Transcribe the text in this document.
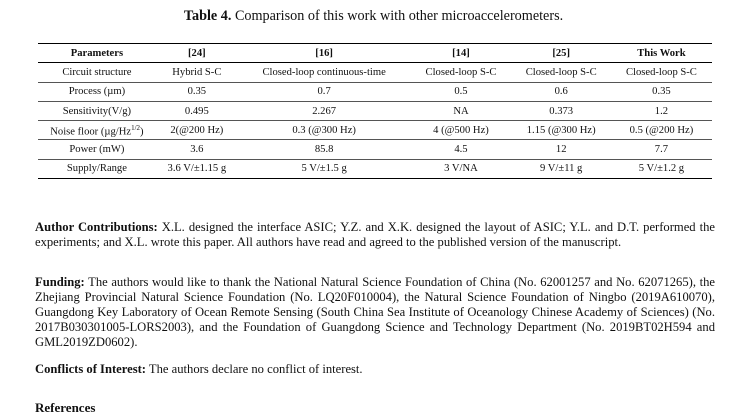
Table 4. Comparison of this work with other microaccelerometers.
Parameters	[24]	[16]	[14]	[25]	This Work
Circuit structure	Hybrid S-C	Closed-loop continuous-time	Closed-loop S-C	Closed-loop S-C	Closed-loop S-C
Process (µm)	0.35	0.7	0.5	0.6	0.35
Sensitivity(V/g)	0.495	2.267	NA	0.373	1.2
Noise floor $(\mu g/Hz^{1/2})$	2(@200 Hz)	0.3 (@300 Hz)	4 (@500 Hz)	1.15 (@300 Hz)	0.5 (@200 Hz)
Power (mW)	3.6	85.8	4.5	12	7.7
Supply/Range	3.6 V/±1.15 g	5 V/±1.5 g	3 V/NA	9 V/±11 g	5 V/±1.2 g
Author Contributions: X.L. designed the interface ASIC; Y.Z. and X.K. designed the layout of ASIC; Y.L. and D.T. performed the experiments; and X.L. wrote this paper. All authors have read and agreed to the published version of the manuscript.
Funding: The authors would like to thank the National Natural Science Foundation of China (No. 62001257 and No. 62071265), the Zhejiang Provincial Natural Science Foundation (No. LQ20F010004), the Natural Science Foundation of Ningbo (2019A610070), Guangdong Key Laboratory of Ocean Remote Sensing (South China Sea Institute of Oceanology Chinese Academy of Sciences) (No. 2017B030301005-LORS2003), and the Foundation of Guangdong Science and Technology Department (No. 2019BT02H594 and GML2019ZD0602).
Conflicts of Interest: The authors declare no conflict of interest.
References
